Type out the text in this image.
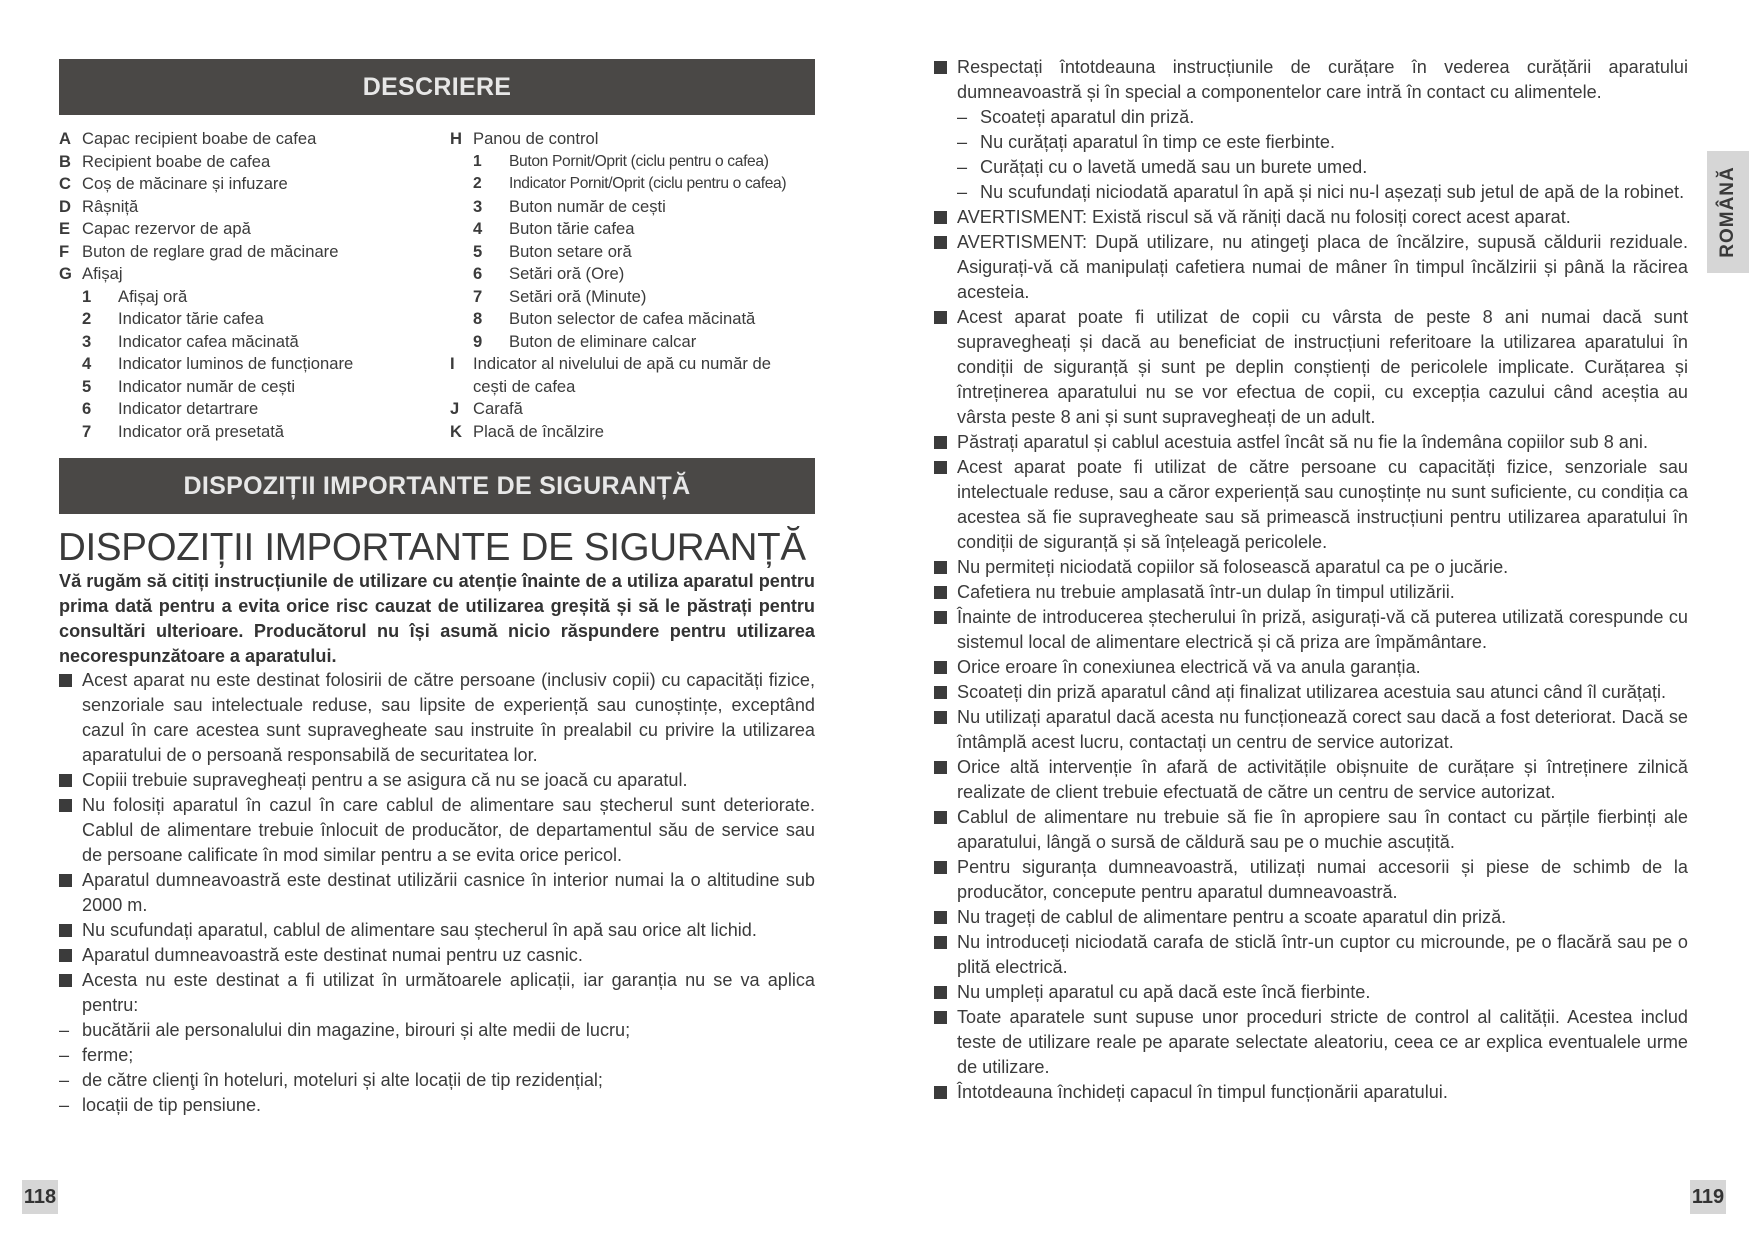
DESCRIERE
A Capac recipient boabe de cafea
B Recipient boabe de cafea
C Coș de măcinare și infuzare
D Râșniță
E Capac rezervor de apă
F Buton de reglare grad de măcinare
G Afișaj
1	Afișaj oră
2	Indicator tărie cafea
3	Indicator cafea măcinată
4	Indicator luminos de funcționare
5	Indicator număr de cești
6	Indicator detartrare
7	Indicator oră presetată
H Panou de control
1	Buton Pornit/Oprit (ciclu pentru o cafea)
2	Indicator Pornit/Oprit (ciclu pentru o cafea)
3	Buton număr de cești
4	Buton tărie cafea
5	Buton setare oră
6	Setări oră (Ore)
7	Setări oră (Minute)
8	Buton selector de cafea măcinată
9	Buton de eliminare calcar
I	Indicator al nivelului de apă cu număr de
cești de cafea
J Carafă
K Placă de încălzire
DISPOZIȚII IMPORTANTE DE SIGURANȚĂ
DISPOZIȚII IMPORTANTE DE SIGURANȚĂ
Vă rugăm să citiți instrucțiunile de utilizare cu atenție înainte de a utiliza aparatul pentru prima dată pentru a evita orice risc cauzat de utilizarea greșită și să le păstrați pentru consultări ulterioare. Producătorul nu își asumă nicio răspundere pentru utilizarea necorespunzătoare a aparatului.
Acest aparat nu este destinat folosirii de către persoane (inclusiv copii) cu capacități fizice, senzoriale sau intelectuale reduse, sau lipsite de experiență sau cunoștințe, exceptând cazul în care acestea sunt supravegheate sau instruite în prealabil cu privire la utilizarea aparatului de o persoană responsabilă de securitatea lor.
Copiii trebuie supravegheați pentru a se asigura că nu se joacă cu aparatul.
Nu folosiți aparatul în cazul în care cablul de alimentare sau ștecherul sunt deteriorate. Cablul de alimentare trebuie înlocuit de producător, de departamentul său de service sau de persoane calificate în mod similar pentru a se evita orice pericol.
Aparatul dumneavoastră este destinat utilizării casnice în interior numai la o altitudine sub 2000 m.
Nu scufundați aparatul, cablul de alimentare sau ștecherul în apă sau orice alt lichid.
Aparatul dumneavoastră este destinat numai pentru uz casnic.
Acesta nu este destinat a fi utilizat în următoarele aplicații, iar garanția nu se va aplica pentru:
– bucătării ale personalului din magazine, birouri și alte medii de lucru;
– ferme;
– de către clienţi în hoteluri, moteluri și alte locații de tip rezidențial;
– locații de tip pensiune.
118
Respectați întotdeauna instrucțiunile de curățare în vederea curățării aparatului dumneavoastră și în special a componentelor care intră în contact cu alimentele.
– Scoateți aparatul din priză.
– Nu curățați aparatul în timp ce este fierbinte.
– Curățați cu o lavetă umedă sau un burete umed.
– Nu scufundați niciodată aparatul în apă și nici nu-l așezați sub jetul de apă de la robinet.
AVERTISMENT: Există riscul să vă răniți dacă nu folosiți corect acest aparat.
AVERTISMENT: După utilizare, nu atingeţi placa de încălzire, supusă căldurii reziduale. Asigurați-vă că manipulați cafetiera numai de mâner în timpul încălzirii și până la răcirea acesteia.
Acest aparat poate fi utilizat de copii cu vârsta de peste 8 ani numai dacă sunt supravegheați și dacă au beneficiat de instrucțiuni referitoare la utilizarea aparatului în condiții de siguranță și sunt pe deplin conștienți de pericolele implicate. Curățarea și întreținerea aparatului nu se vor efectua de copii, cu excepția cazului când aceștia au vârsta peste 8 ani și sunt supravegheați de un adult.
Păstrați aparatul și cablul acestuia astfel încât să nu fie la îndemâna copiilor sub 8 ani.
Acest aparat poate fi utilizat de către persoane cu capacități fizice, senzoriale sau intelectuale reduse, sau a căror experiență sau cunoștințe nu sunt suficiente, cu condiția ca acestea să fie supravegheate sau să primească instrucțiuni pentru utilizarea aparatului în condiții de siguranță și să înțeleagă pericolele.
Nu permiteți niciodată copiilor să folosească aparatul ca pe o jucărie.
Cafetiera nu trebuie amplasată într-un dulap în timpul utilizării.
Înainte de introducerea ștecherului în priză, asigurați-vă că puterea utilizată corespunde cu sistemul local de alimentare electrică și că priza are împământare.
Orice eroare în conexiunea electrică vă va anula garanția.
Scoateți din priză aparatul când ați finalizat utilizarea acestuia sau atunci când îl curățați.
Nu utilizați aparatul dacă acesta nu funcționează corect sau dacă a fost deteriorat. Dacă se întâmplă acest lucru, contactați un centru de service autorizat.
Orice altă intervenție în afară de activitățile obișnuite de curățare și întreținere zilnică realizate de client trebuie efectuată de către un centru de service autorizat.
Cablul de alimentare nu trebuie să fie în apropiere sau în contact cu părțile fierbinți ale aparatului, lângă o sursă de căldură sau pe o muchie ascuțită.
Pentru siguranța dumneavoastră, utilizați numai accesorii și piese de schimb de la producător, concepute pentru aparatul dumneavoastră.
Nu trageți de cablul de alimentare pentru a scoate aparatul din priză.
Nu introduceți niciodată carafa de sticlă într-un cuptor cu microunde, pe o flacără sau pe o plită electrică.
Nu umpleți aparatul cu apă dacă este încă fierbinte.
Toate aparatele sunt supuse unor proceduri stricte de control al calității. Acestea includ teste de utilizare reale pe aparate selectate aleatoriu, ceea ce ar explica eventualele urme de utilizare.
Întotdeauna închideți capacul în timpul funcționării aparatului.
119
ROMÂNĂ
